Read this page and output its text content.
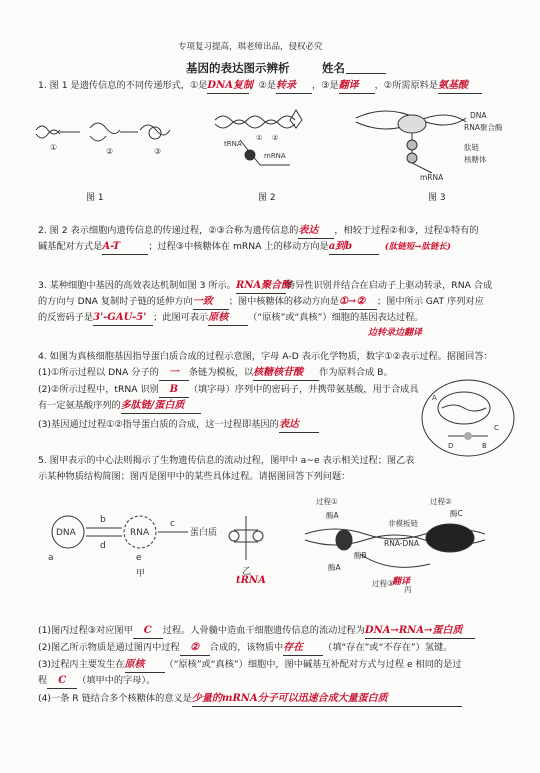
专项复习提高，琪老师出品，侵权必究
基因的表达图示辨析	姓名
1. 图 1 是遗传信息的不同传递形式，①是DNA复制，②是转录 ，③是翻译 ，②所需原料是氨基酸
①	②	③
图 1
tRNA
mRNA
① ②
图 2
DNA
RNA聚合酶
肽链
核糖体
mRNA
图 3
2. 图 2 表示细胞内遗传信息的传递过程，②③合称为遗传信息的表达 ，相较于过程②和③，过程①特有的
碱基配对方式是A-T	；过程③中核糖体在 mRNA 上的移动方向是a到b	(肽链短→肽链长)
3. 某种细胞中基因的高效表达机制如图 3 所示。RNA聚合酶特异性识别并结合在启动子上驱动转录，RNA 合成
的方向与 DNA 复制时子链的延伸方向一致 ；图中核糖体的移动方向是①→② ；图中所示 GAT 序列对应
的反密码子是3'-GAU-5' ；此图可表示原核 （“原核”或“真核”）细胞的基因表达过程。
边转录边翻译
4. 如图为真核细胞基因指导蛋白质合成的过程示意图，字母 A-D 表示化学物质，数字①②表示过程。据图回答：
(1)①所示过程以 DNA 分子的 一 条链为模板，以核糖核苷酸 作为原料合成 B。
(2)②所示过程中，tRNA 识别 B （填字母）序列中的密码子，并携带氨基酸，用于合成具
有一定氨基酸序列的多肽链/蛋白质
(3)基因通过过程①②指导蛋白质的合成，这一过程即基因的表达
A
C
D	B
5. 图甲表示的中心法则揭示了生物遗传信息的流动过程，图甲中 a~e 表示相关过程；图乙表
示某种物质结构简图；图丙是图甲中的某些具体过程。请据图回答下列问题：
DNA	RNA	蛋白质
a
b	c
d
e
甲	乙
tRNA
过程①	过程②
过程③
酶A
酶B
酶C
非模板链
RNA-DNA
酶A
丙
翻译
(1)图丙过程③对应图甲 C 过程。人骨髓中造血干细胞遗传信息的流动过程为DNA→RNA→蛋白质
(2)图乙所示物质是通过图丙中过程 ② 合成的，该物质中存在 （填“存在”或“不存在”）氢键。
(3)过程丙主要发生在原核 （“原核”或“真核”）细胞中，图中碱基互补配对方式与过程 e 相同的是过
程 C （填甲中的字母）。
(4)一条 R 链结合多个核糖体的意义是少量的mRNA分子可以迅速合成大量蛋白质
